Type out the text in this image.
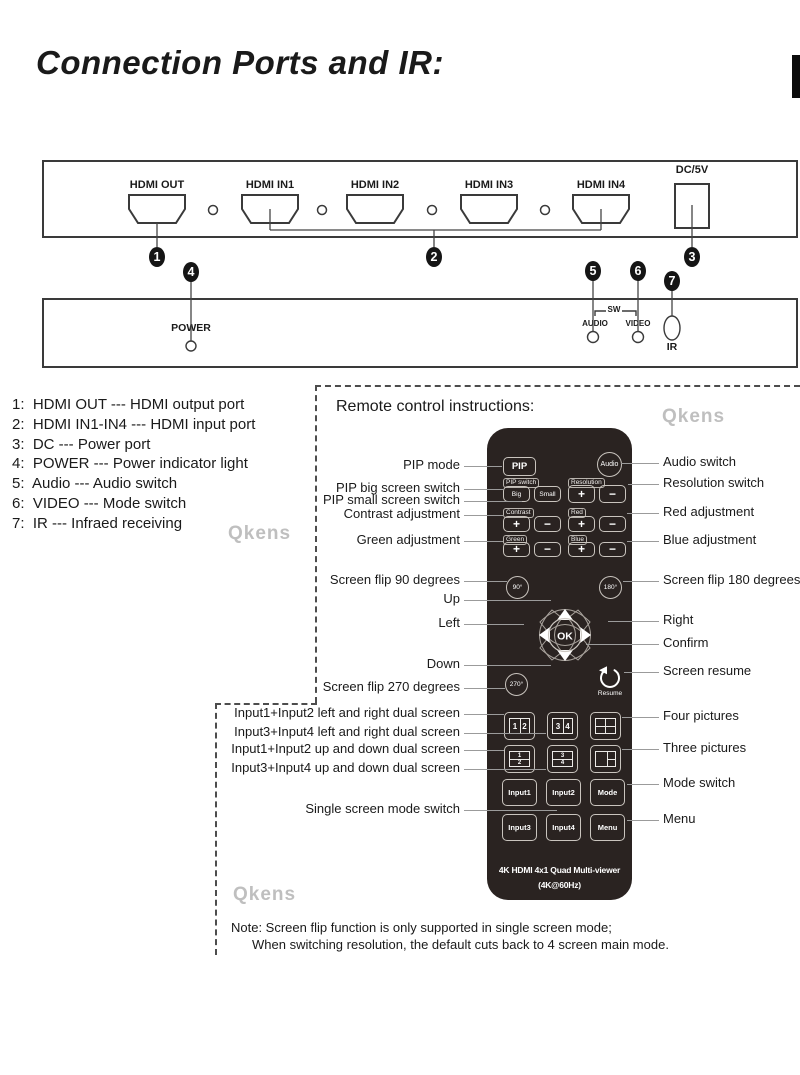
Connection Ports and IR:
HDMI OUT	HDMI IN1	HDMI IN2	HDMI IN3	HDMI IN4
DC/5V
POWER
SW
AUDIO VIDEO
IR
1	2	3
4	5	6
7
1:  HDMI OUT --- HDMI output port
2:  HDMI IN1-IN4 --- HDMI input port
3:  DC --- Power port
4:  POWER --- Power indicator light
5:  Audio --- Audio switch
6:  VIDEO --- Mode switch
7:  IR --- Infraed receiving Qkens
Remote control instructions:	Qkens
PIP	Audio
PIP switch
Big	Small
Resolution
+	−
Contrast
+	−
Red
+	−
Green
+	−
Blue
+	−
90°	180°
270°
OK
Resume
1 2	3 4
1
2
3
4
Input1	Input2	Mode
Input3	Input4	Menu
4K HDMI 4x1 Quad Multi-viewer
(4K@60Hz)
PIP mode
PIP big screen switch
PIP small screen switch
Contrast adjustment
Green adjustment
Screen flip 90 degrees
Up
Left
Down
Screen flip 270 degrees
Input1+Input2 left and right dual screen
Input3+Input4 left and right dual screen
Input1+Input2 up and down dual screen
Input3+Input4 up and down dual screen
Single screen mode switch
Audio switch
Resolution switch
Red adjustment
Blue adjustment
Screen flip 180 degrees
Right
Confirm
Screen resume
Four pictures
Three pictures
Mode switch
Menu
Qkens
Note: Screen flip function is only supported in single screen mode;
When switching resolution, the default cuts back to 4 screen main mode.
